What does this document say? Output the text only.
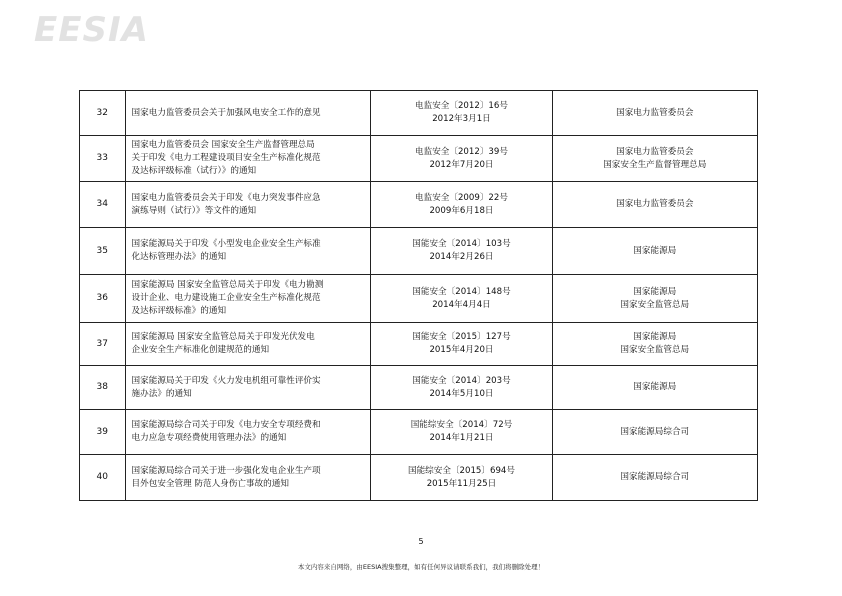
EESIA
32	国家电力监管委员会关于加强风电安全工作的意见	电监安全〔2012〕16号
2012年3月1日	国家电力监管委员会

33	国家电力监管委员会 国家安全生产监督管理总局
关于印发《电力工程建设项目安全生产标准化规范
及达标评级标准（试行）》的通知	电监安全〔2012〕39号
2012年7月20日	国家电力监管委员会
国家安全生产监督管理总局

34	国家电力监管委员会关于印发《电力突发事件应急
演练导则（试行）》等文件的通知	电监安全〔2009〕22号
2009年6月18日	国家电力监管委员会

35	国家能源局关于印发《小型发电企业安全生产标准
化达标管理办法》的通知	国能安全〔2014〕103号
2014年2月26日	国家能源局

36	国家能源局 国家安全监管总局关于印发《电力勘测
设计企业、电力建设施工企业安全生产标准化规范
及达标评级标准》的通知	国能安全〔2014〕148号
2014年4月4日	国家能源局
国家安全监管总局

37	国家能源局 国家安全监管总局关于印发光伏发电
企业安全生产标准化创建规范的通知	国能安全〔2015〕127号
2015年4月20日	国家能源局
国家安全监管总局

38	国家能源局关于印发《火力发电机组可靠性评价实
施办法》的通知	国能安全〔2014〕203号
2014年5月10日	国家能源局

39	国家能源局综合司关于印发《电力安全专项经费和
电力应急专项经费使用管理办法》的通知	国能综安全〔2014〕72号
2014年1月21日	国家能源局综合司

40	国家能源局综合司关于进一步强化发电企业生产项
目外包安全管理 防范人身伤亡事故的通知	国能综安全〔2015〕694号
2015年11月25日	国家能源局综合司
5
本文内容来自网络，由EESIA搜集整理，如有任何异议请联系我们，我们将删除处理！
